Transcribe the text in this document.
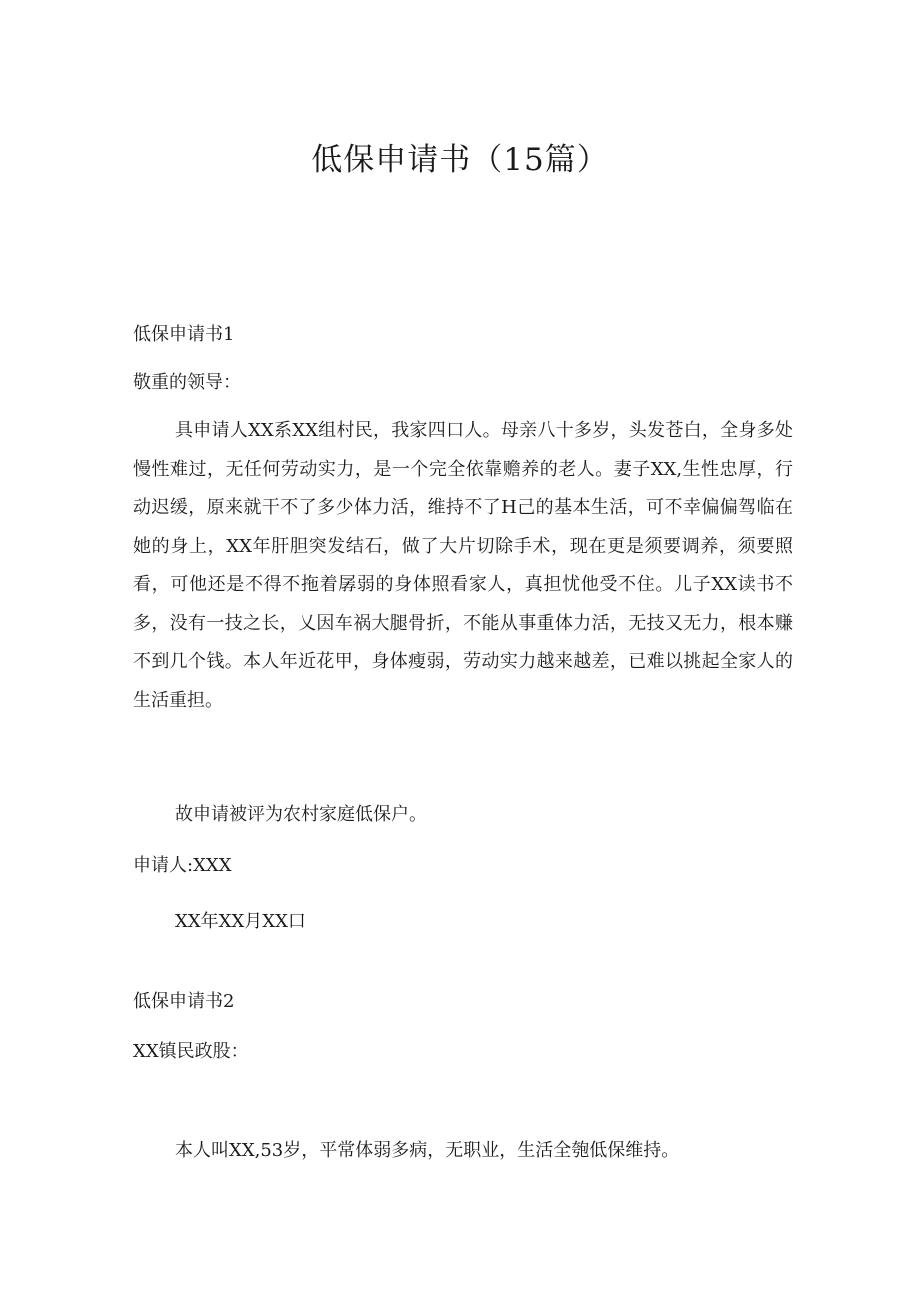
低保申请书（15篇）
低保申请书1
敬重的领导：
具申请人XX系XX组村民，我家四口人。母亲八十多岁，头发苍白，全身多处慢性难过，无任何劳动实力，是一个完全依靠赡养的老人。妻子XX,生性忠厚，行动迟缓，原来就干不了多少体力活，维持不了H己的基本生活，可不幸偏偏驾临在她的身上，XX年肝胆突发结石，做了大片切除手术，现在更是须要调养，须要照看，可他还是不得不拖着孱弱的身体照看家人，真担忧他受不住。儿子XX读书不多，没有一技之长，乂因车祸大腿骨折，不能从事重体力活，无技又无力，根本赚不到几个钱。本人年近花甲，身体瘦弱，劳动实力越来越差，已难以挑起全家人的生活重担。
故申请被评为农村家庭低保户。
申请人:XXX
XX年XX月XX口
低保申请书2
XX镇民政股：
本人叫XX,53岁，平常体弱多病，无职业，生活全匏低保维持。
